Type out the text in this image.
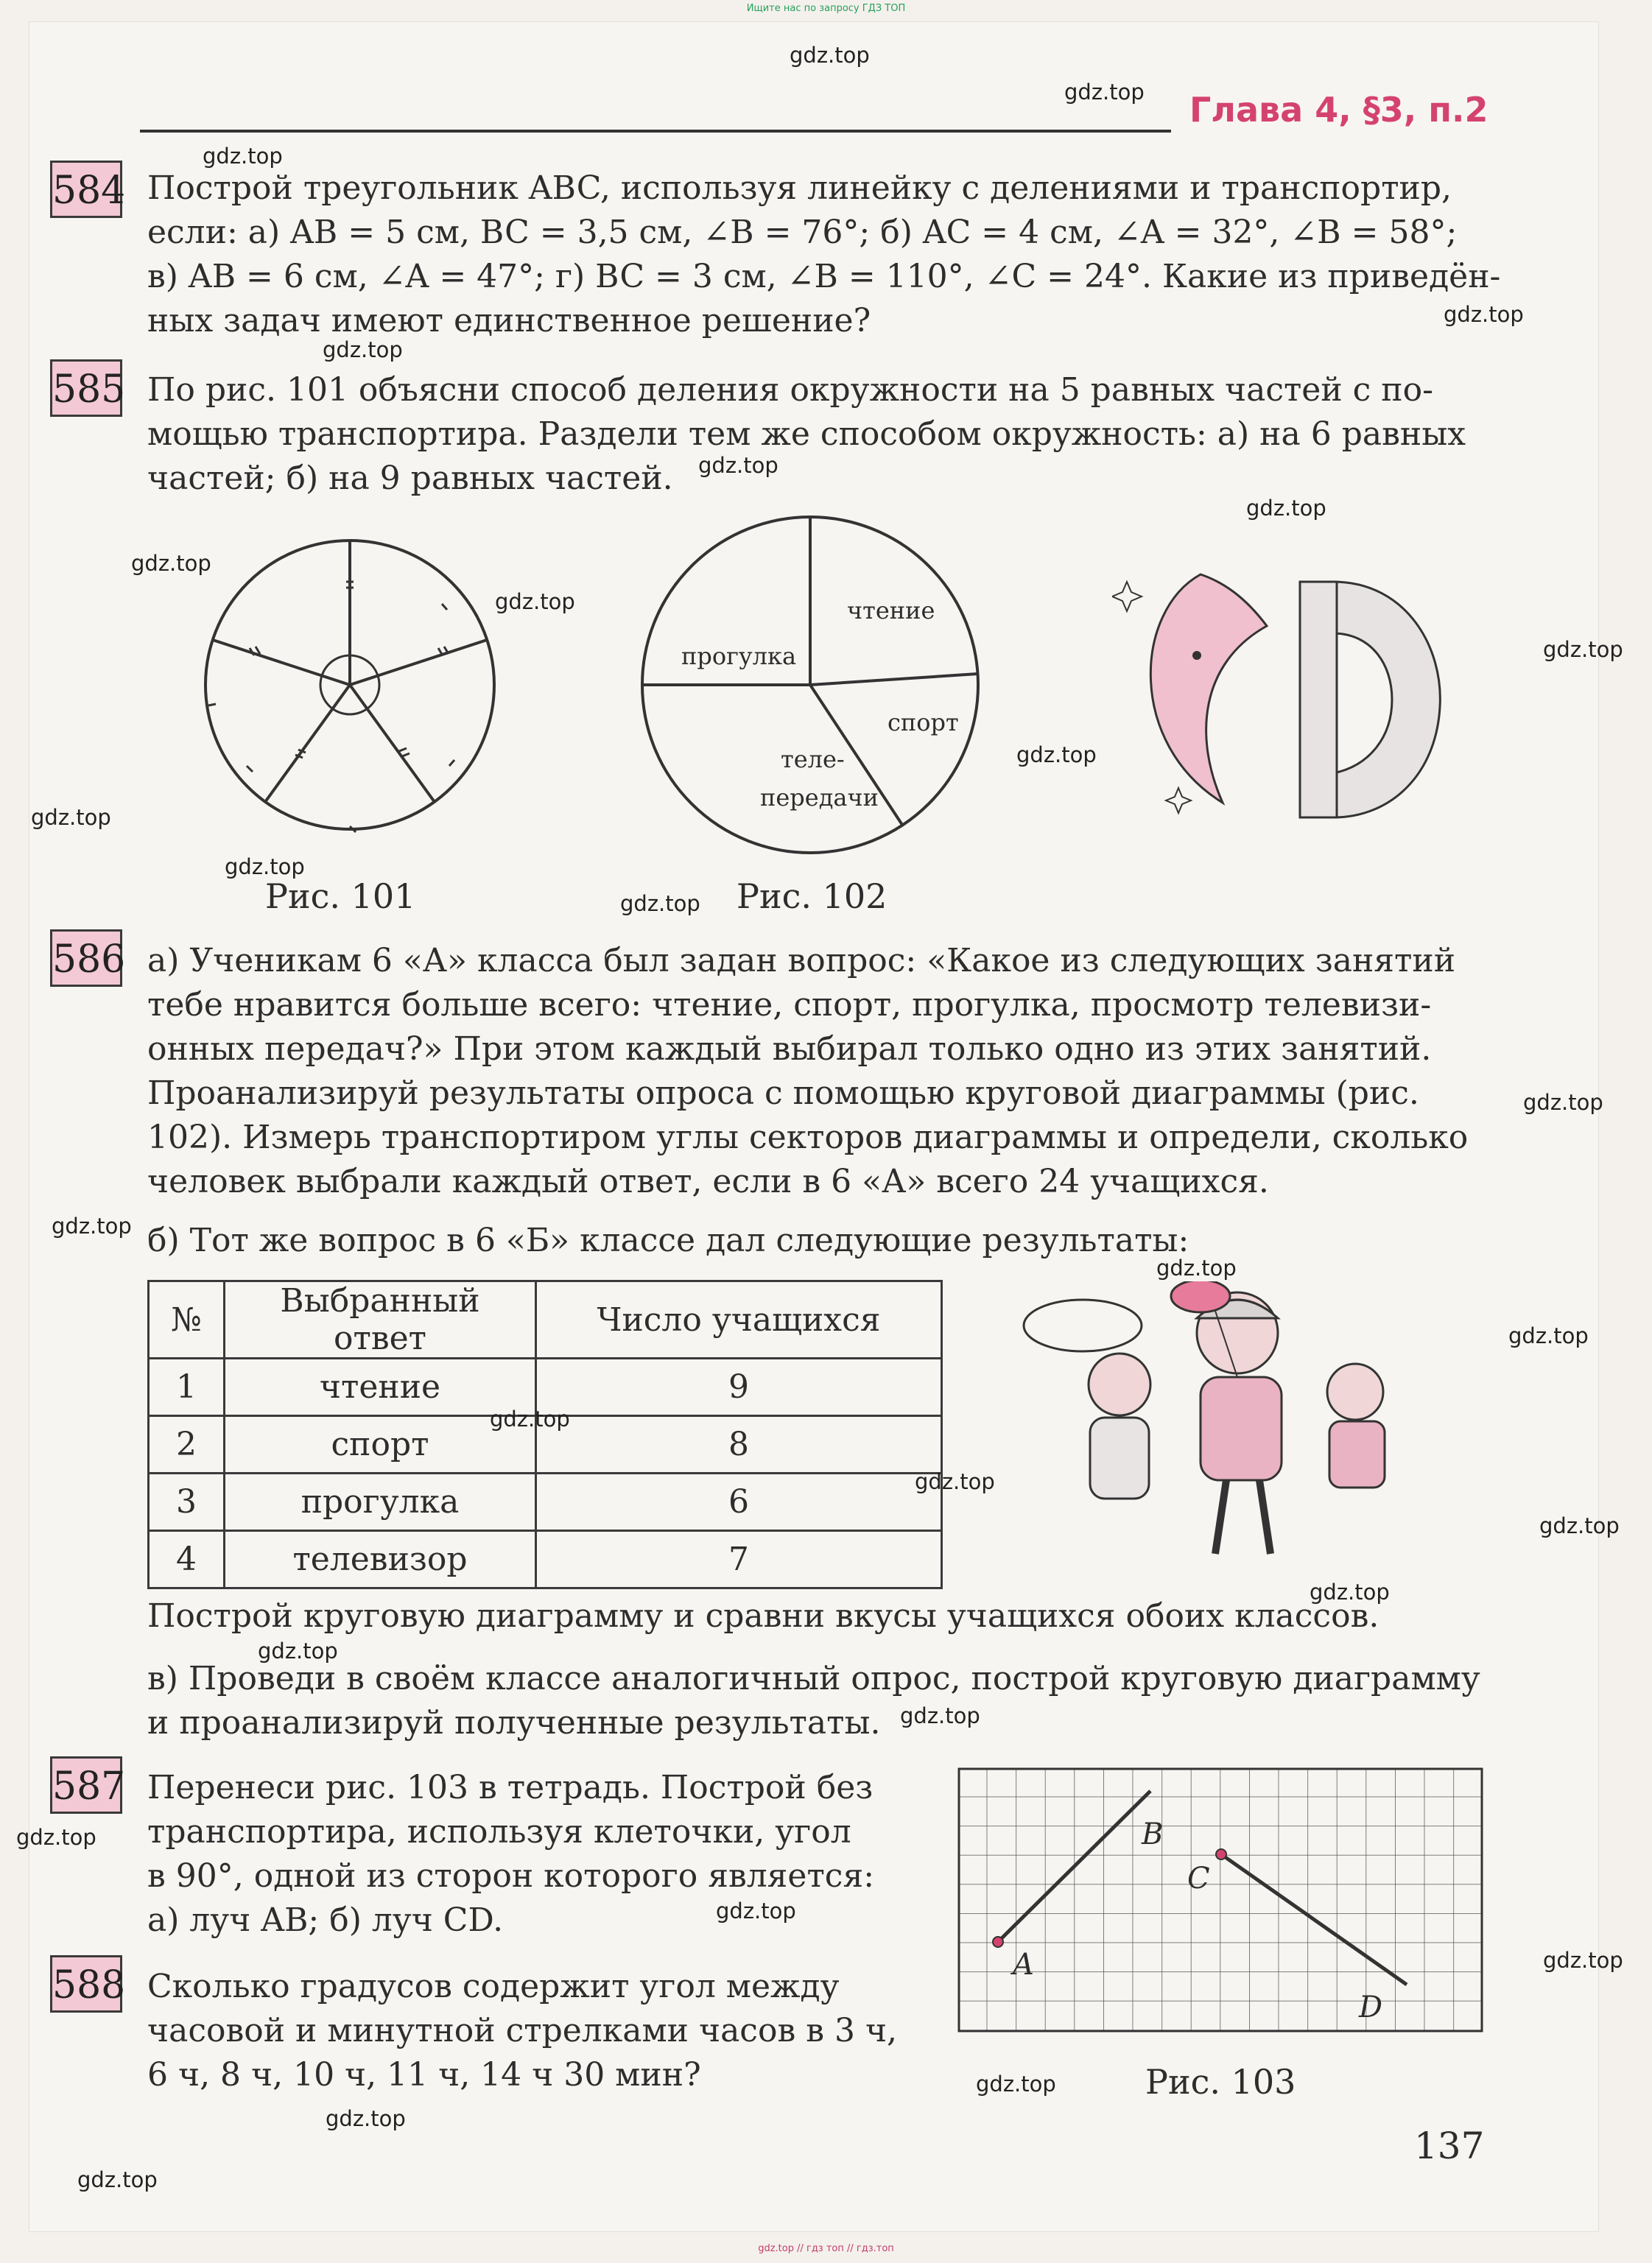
Ищите нас по запросу ГДЗ ТОП
Глава 4, §3, п.2
584 Построй треугольник ABC, используя линейку с делениями и транспортир,
если: а) AB = 5 см, BC = 3,5 см, ∠B = 76°; б) AC = 4 см, ∠A = 32°, ∠B = 58°;
в) AB = 6 см, ∠A = 47°; г) BC = 3 см, ∠B = 110°, ∠C = 24°. Какие из приведён-
ных задач имеют единственное решение?
585 По рис. 101 объясни способ деления окружности на 5 равных частей с по-
мощью транспортира. Раздели тем же способом окружность: а) на 6 равных
частей; б) на 9 равных частей.
Рис. 101
чтение
прогулка
спорт
теле-
передачи
Рис. 102
586 а) Ученикам 6 «А» класса был задан вопрос: «Какое из следующих занятий
тебе нравится больше всего: чтение, спорт, прогулка, просмотр телевизи-
онных передач?» При этом каждый выбирал только одно из этих занятий.
Проанализируй результаты опроса с помощью круговой диаграммы (рис.
102). Измерь транспортиром углы секторов диаграммы и определи, сколько
человек выбрали каждый ответ, если в 6 «А» всего 24 учащихся.
б) Тот же вопрос в 6 «Б» классе дал следующие результаты:
№	Выбранный ответ	Число учащихся
1	чтение	9
2	спорт	8
3	прогулка	6
4	телевизор	7
Построй круговую диаграмму и сравни вкусы учащихся обоих классов.
в) Проведи в своём классе аналогичный опрос, построй круговую диаграмму
и проанализируй полученные результаты.
587 Перенеси рис. 103 в тетрадь. Построй без
транспортира, используя клеточки, угол
в 90°, одной из сторон которого является:
а) луч AB; б) луч CD.
588 Сколько градусов содержит угол между
часовой и минутной стрелками часов в 3 ч,
6 ч, 8 ч, 10 ч, 11 ч, 14 ч 30 мин?
A
B
C
D
Рис. 103
137
gdz.top
gdz.top
gdz.top
gdz.top
gdz.top
gdz.top
gdz.top
gdz.top
gdz.top
gdz.top
gdz.top
gdz.top
gdz.top
gdz.top
gdz.top
gdz.top
gdz.top
gdz.top
gdz.top
gdz.top
gdz.top
gdz.top
gdz.top
gdz.top
gdz.top
gdz.top
gdz.top
gdz.top
gdz.top
gdz.top
gdz.top // гдз топ // гдз.топ
